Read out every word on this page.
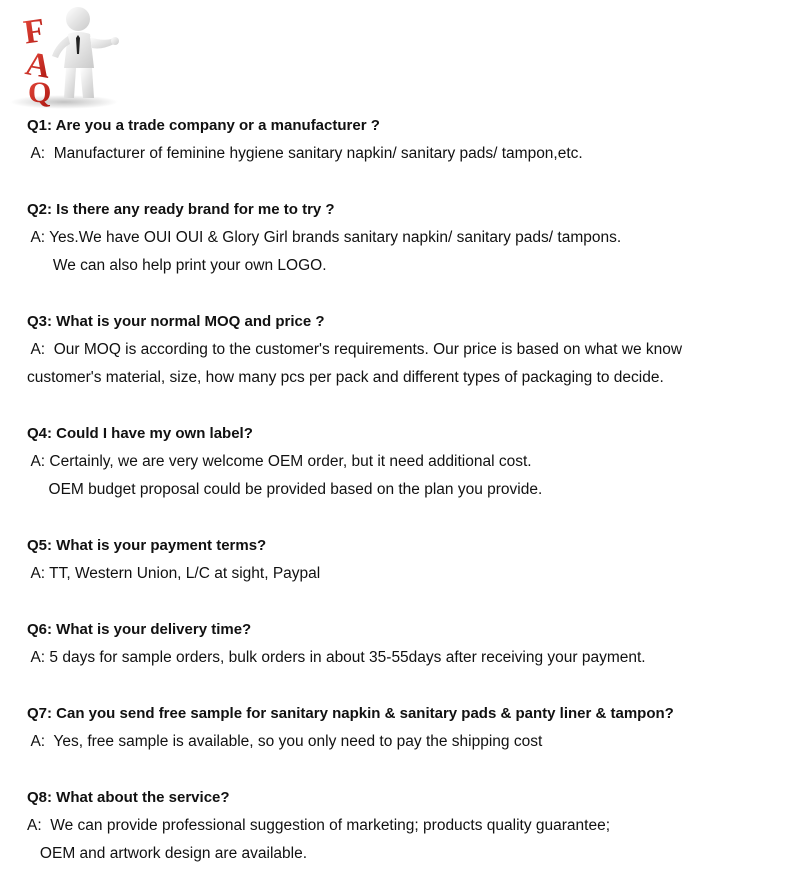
F
A
Q
Q1: Are you a trade company or a manufacturer ?
A:  Manufacturer of feminine hygiene sanitary napkin/ sanitary pads/ tampon,etc.
Q2: Is there any ready brand for me to try ?
A: Yes.We have OUI OUI & Glory Girl brands sanitary napkin/ sanitary pads/ tampons.
We can also help print your own LOGO.
Q3: What is your normal MOQ and price ?
A:  Our MOQ is according to the customer's requirements. Our price is based on what we know
customer's material, size, how many pcs per pack and different types of packaging to decide.
Q4: Could I have my own label?
A: Certainly, we are very welcome OEM order, but it need additional cost.
OEM budget proposal could be provided based on the plan you provide.
Q5: What is your payment terms?
A: TT, Western Union, L/C at sight, Paypal
Q6: What is your delivery time?
A: 5 days for sample orders, bulk orders in about 35-55days after receiving your payment.
Q7: Can you send free sample for sanitary napkin & sanitary pads & panty liner & tampon?
A:  Yes, free sample is available, so you only need to pay the shipping cost
Q8: What about the service?
A:  We can provide professional suggestion of marketing; products quality guarantee;
OEM and artwork design are available.
